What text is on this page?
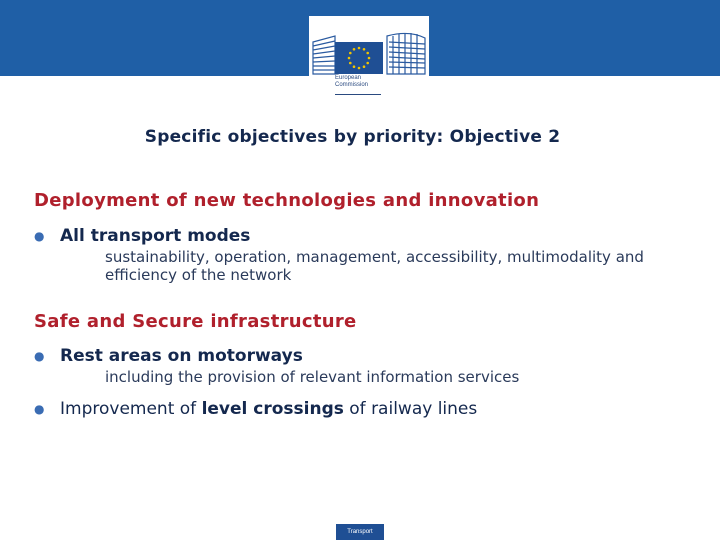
European
Commission
Specific objectives by priority: Objective 2
Deployment of new technologies and innovation
● All transport modes
sustainability, operation, management, accessibility, multimodality and efficiency of the network
Safe and Secure infrastructure
● Rest areas on motorways
including the provision of relevant information services
● Improvement of level crossings of railway lines
Transport
